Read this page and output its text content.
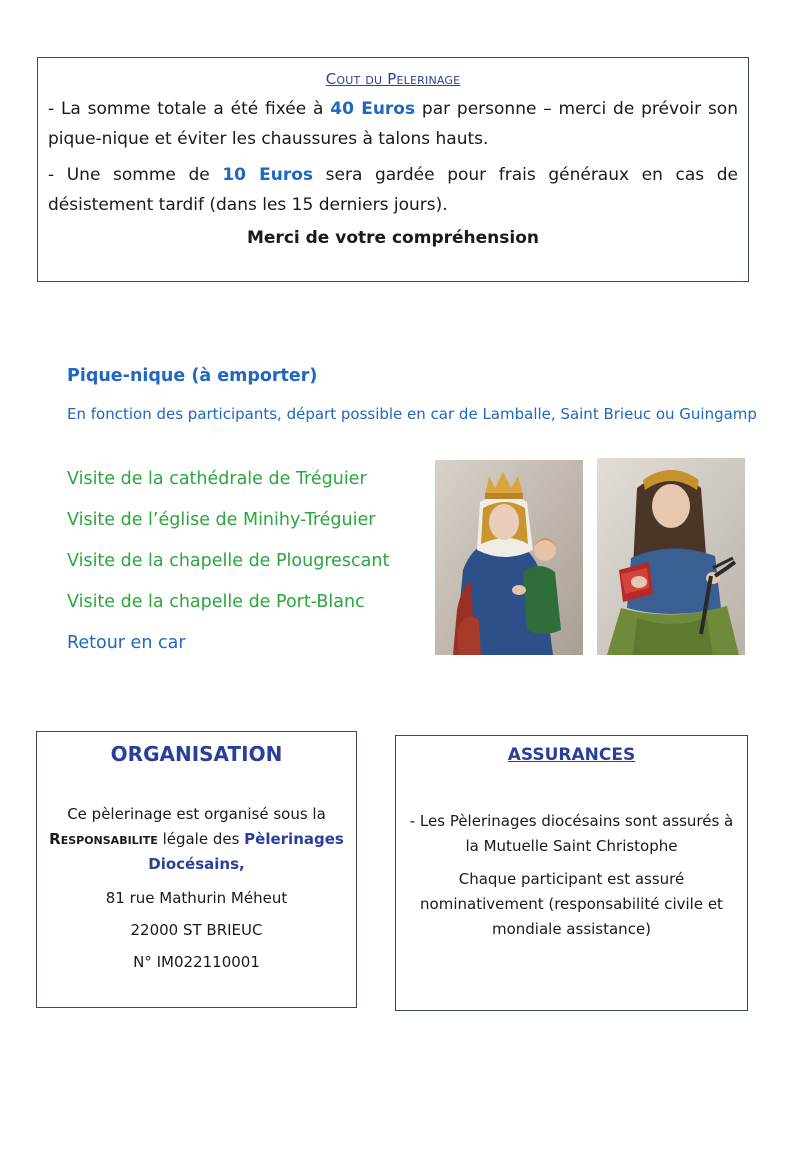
Cout du Pelerinage

- La somme totale a été fixée à 40 Euros par personne – merci de prévoir son pique-nique et éviter les chaussures à talons hauts.

- Une somme de 10 Euros sera gardée pour frais généraux en cas de désistement tardif (dans les 15 derniers jours).

Merci de votre compréhension

Pique-nique (à emporter)

En fonction des participants, départ possible en car de Lamballe, Saint Brieuc ou Guingamp
Visite de la cathédrale de Tréguier
Visite de l’église de Minihy-Tréguier
Visite de la chapelle de Plougrescant
Visite de la chapelle de Port-Blanc
Retour en car

ORGANISATION

Ce pèlerinage est organisé sous la
Responsabilite légale des Pèlerinages Diocésains,
81 rue Mathurin Méheut
22000 ST BRIEUC
N° IM022110001

ASSURANCES

- Les Pèlerinages diocésains sont assurés à la Mutuelle Saint Christophe
Chaque participant est assuré nominativement (responsabilité civile et mondiale assistance)
